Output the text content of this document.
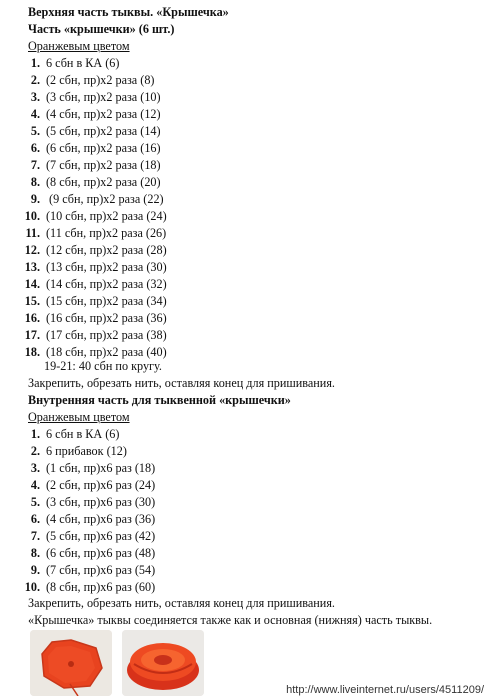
Верхняя часть тыквы. «Крышечка»
Часть «крышечки» (6 шт.)
Оранжевым цветом
1. 6 сбн в КА (6)
2. (2 сбн, пр)х2 раза (8)
3. (3 сбн, пр)х2 раза (10)
4. (4 сбн, пр)х2 раза (12)
5. (5 сбн, пр)х2 раза (14)
6. (6 сбн, пр)х2 раза (16)
7. (7 сбн, пр)х2 раза (18)
8. (8 сбн, пр)х2 раза (20)
9. (9 сбн, пр)х2 раза (22)
10. (10 сбн, пр)х2 раза (24)
11. (11 сбн, пр)х2 раза (26)
12. (12 сбн, пр)х2 раза (28)
13. (13 сбн, пр)х2 раза (30)
14. (14 сбн, пр)х2 раза (32)
15. (15 сбн, пр)х2 раза (34)
16. (16 сбн, пр)х2 раза (36)
17. (17 сбн, пр)х2 раза (38)
18. (18 сбн, пр)х2 раза (40)
19-21: 40 сбн по кругу.
Закрепить, обрезать нить, оставляя конец для пришивания.
Внутренняя часть для тыквенной «крышечки»
Оранжевым цветом
1. 6 сбн в КА (6)
2. 6 прибавок (12)
3. (1 сбн, пр)х6 раз (18)
4. (2 сбн, пр)х6 раз (24)
5. (3 сбн, пр)х6 раз (30)
6. (4 сбн, пр)х6 раз (36)
7. (5 сбн, пр)х6 раз (42)
8. (6 сбн, пр)х6 раз (48)
9. (7 сбн, пр)х6 раз (54)
10. (8 сбн, пр)х6 раз (60)
Закрепить, обрезать нить, оставляя конец для пришивания.
«Крышечка» тыквы соединяется также как и основная (нижняя) часть тыквы.
http://www.liveinternet.ru/users/4511209/
